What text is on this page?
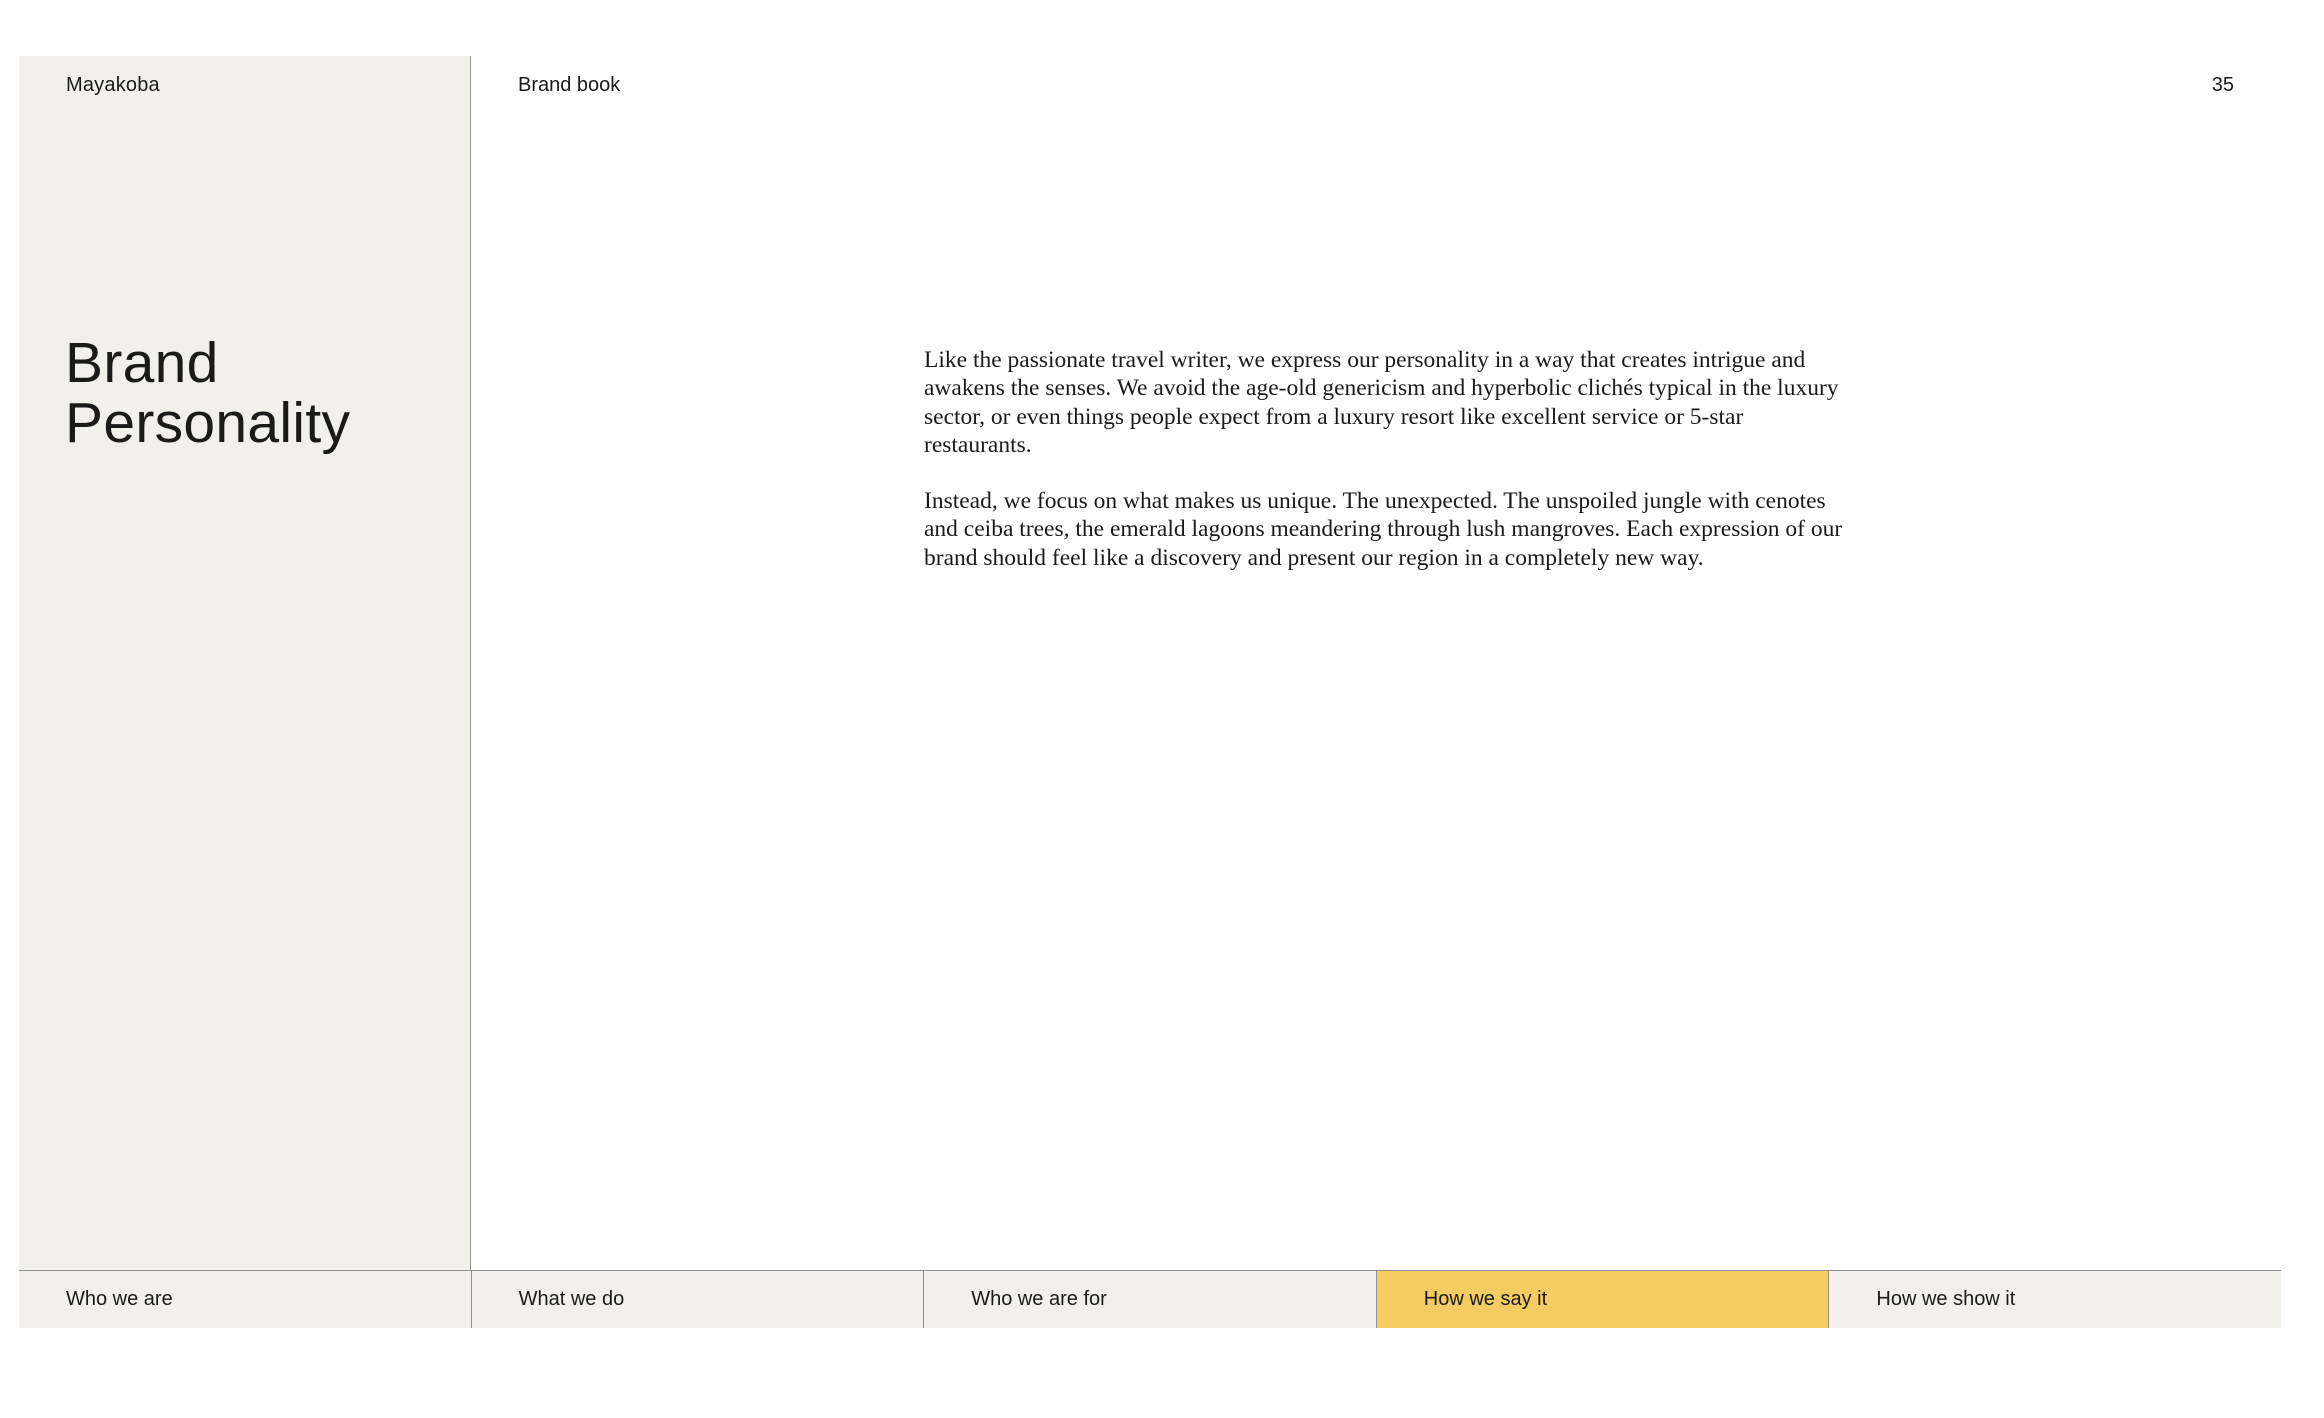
Mayakoba
Brand
Personality
Brand book	35

Like the passionate travel writer, we express our personality in a way that creates intrigue and awakens the senses. We avoid the age-old genericism and hyperbolic clichés typical in the luxury sector, or even things people expect from a luxury resort like excellent service or 5-star restaurants.

Instead, we focus on what makes us unique. The unexpected. The unspoiled jungle with cenotes and ceiba trees, the emerald lagoons meandering through lush mangroves. Each expression of our brand should feel like a discovery and present our region in a completely new way.

Who we are	What we do	Who we are for	How we say it	How we show it
